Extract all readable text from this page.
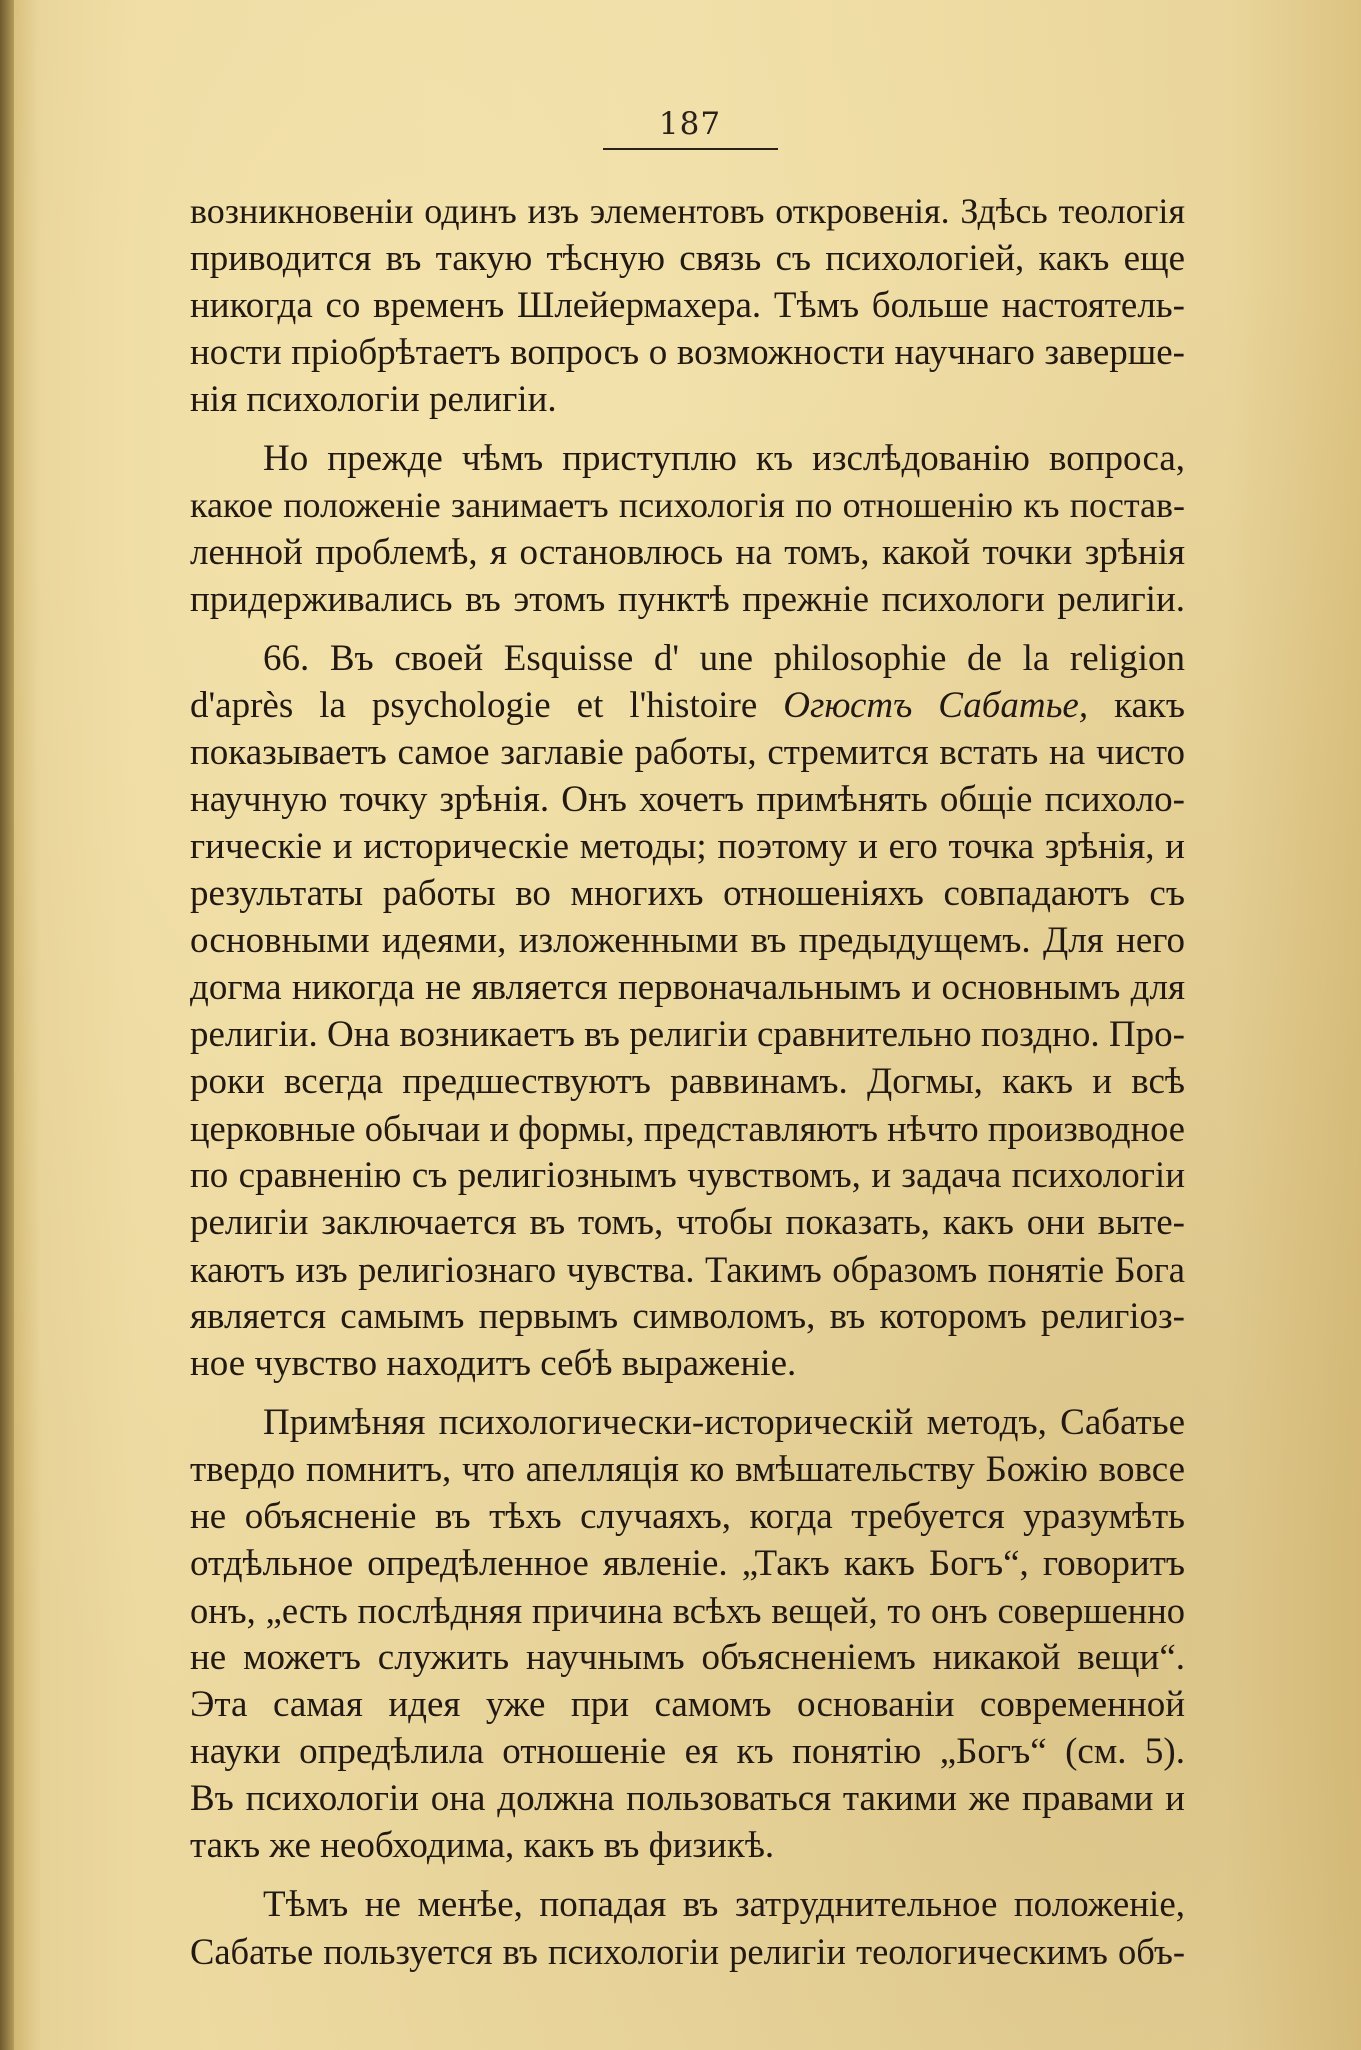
187
возникновенiи одинъ изъ элементовъ откровенiя. Здѣсь теологiя
приводится въ такую тѣсную связь съ психологiей, какъ еще
никогда со временъ Шлейермахера. Тѣмъ больше настоятель-
ности прiобрѣтаетъ вопросъ о возможности научнаго заверше-
нiя психологiи религiи.
Но прежде чѣмъ приступлю къ изслѣдованiю вопроса,
какое положенiе занимаетъ психологiя по отношенiю къ постав-
ленной проблемѣ, я остановлюсь на томъ, какой точки зрѣнiя
придерживались въ этомъ пунктѣ прежнiе психологи религiи.
66. Въ своей Esquisse d' une philosophie de la religion
d'après la psychologie et l'histoire Огюстъ Сабатье, какъ
показываетъ самое заглавiе работы, стремится встать на чисто
научную точку зрѣнiя. Онъ хочетъ примѣнять общiе психоло-
гическiе и историческiе методы; поэтому и его точка зрѣнiя, и
результаты работы во многихъ отношенiяхъ совпадаютъ съ
основными идеями, изложенными въ предыдущемъ. Для него
догма никогда не является первоначальнымъ и основнымъ для
религiи. Она возникаетъ въ религiи сравнительно поздно. Про-
роки всегда предшествуютъ раввинамъ. Догмы, какъ и всѣ
церковные обычаи и формы, представляютъ нѣчто производное
по сравненiю съ религiознымъ чувствомъ, и задача психологiи
религiи заключается въ томъ, чтобы показать, какъ они выте-
каютъ изъ религiознаго чувства. Такимъ образомъ понятiе Бога
является самымъ первымъ символомъ, въ которомъ религiоз-
ное чувство находитъ себѣ выраженiе.
Примѣняя психологически-историческiй методъ, Сабатье
твердо помнитъ, что апелляцiя ко вмѣшательству Божiю вовсе
не объясненiе въ тѣхъ случаяхъ, когда требуется уразумѣть
отдѣльное опредѣленное явленiе. „Такъ какъ Богъ“, говоритъ
онъ, „есть послѣдняя причина всѣхъ вещей, то онъ совершенно
не можетъ служить научнымъ объясненiемъ никакой вещи“.
Эта самая идея уже при самомъ основанiи современной
науки опредѣлила отношенiе ея къ понятiю „Богъ“ (см. 5).
Въ психологiи она должна пользоваться такими же правами и
такъ же необходима, какъ въ физикѣ.
Тѣмъ не менѣе, попадая въ затруднительное положенiе,
Сабатье пользуется въ психологiи религiи теологическимъ объ-
